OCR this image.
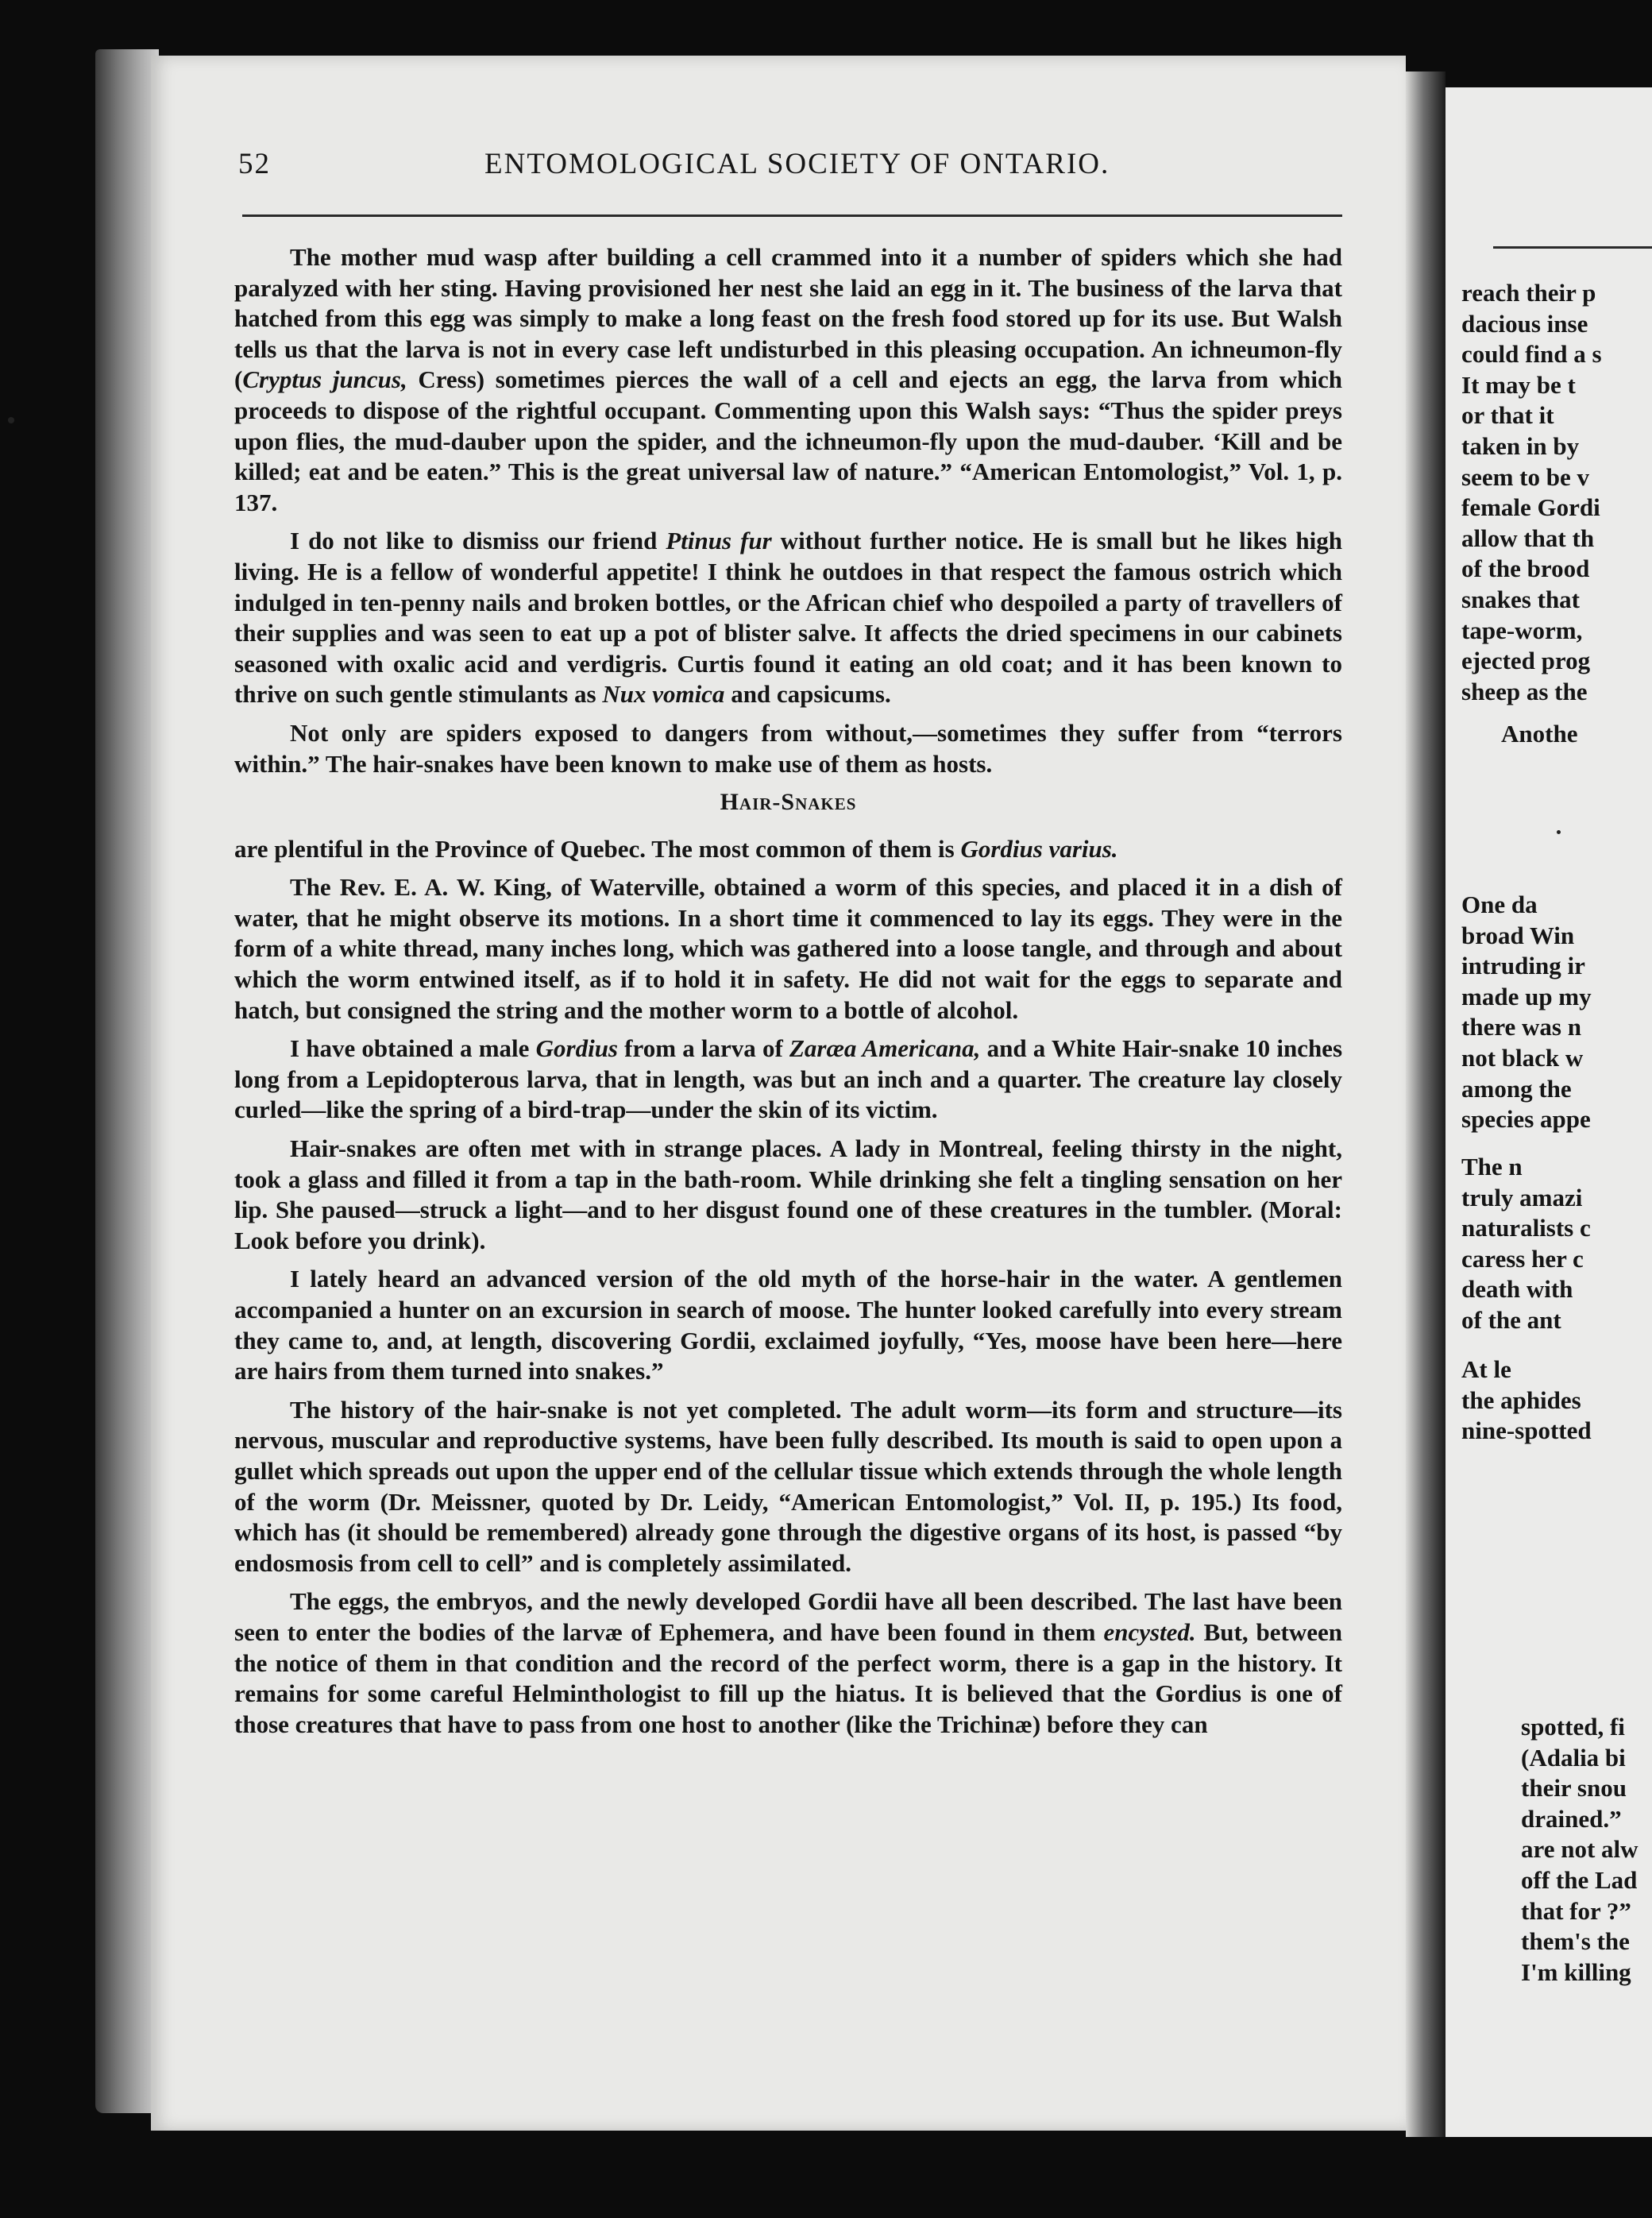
52	ENTOMOLOGICAL SOCIETY OF ONTARIO.

The mother mud wasp after building a cell crammed into it a number of spiders which she had paralyzed with her sting. Having provisioned her nest she laid an egg in it. The business of the larva that hatched from this egg was simply to make a long feast on the fresh food stored up for its use. But Walsh tells us that the larva is not in every case left undisturbed in this pleasing occupation. An ichneumon-fly (Cryptus juncus, Cress) sometimes pierces the wall of a cell and ejects an egg, the larva from which proceeds to dispose of the rightful occupant. Commenting upon this Walsh says: “Thus the spider preys upon flies, the mud-dauber upon the spider, and the ichneumon-fly upon the mud-dauber. ‘Kill and be killed; eat and be eaten.” This is the great universal law of nature.” “American Entomologist,” Vol. 1, p. 137.

I do not like to dismiss our friend Ptinus fur without further notice. He is small but he likes high living. He is a fellow of wonderful appetite! I think he outdoes in that respect the famous ostrich which indulged in ten-penny nails and broken bottles, or the African chief who despoiled a party of travellers of their supplies and was seen to eat up a pot of blister salve. It affects the dried specimens in our cabinets seasoned with oxalic acid and verdigris. Curtis found it eating an old coat; and it has been known to thrive on such gentle stimulants as Nux vomica and capsicums.

Not only are spiders exposed to dangers from without,—sometimes they suffer from “terrors within.” The hair-snakes have been known to make use of them as hosts.

Hair-Snakes

are plentiful in the Province of Quebec. The most common of them is Gordius varius.

The Rev. E. A. W. King, of Waterville, obtained a worm of this species, and placed it in a dish of water, that he might observe its motions. In a short time it commenced to lay its eggs. They were in the form of a white thread, many inches long, which was gathered into a loose tangle, and through and about which the worm entwined itself, as if to hold it in safety. He did not wait for the eggs to separate and hatch, but consigned the string and the mother worm to a bottle of alcohol.

I have obtained a male Gordius from a larva of Zaræa Americana, and a White Hair-snake 10 inches long from a Lepidopterous larva, that in length, was but an inch and a quarter. The creature lay closely curled—like the spring of a bird-trap—under the skin of its victim.

Hair-snakes are often met with in strange places. A lady in Montreal, feeling thirsty in the night, took a glass and filled it from a tap in the bath-room. While drinking she felt a tingling sensation on her lip. She paused—struck a light—and to her disgust found one of these creatures in the tumbler. (Moral: Look before you drink).

I lately heard an advanced version of the old myth of the horse-hair in the water. A gentlemen accompanied a hunter on an excursion in search of moose. The hunter looked carefully into every stream they came to, and, at length, discovering Gordii, exclaimed joyfully, “Yes, moose have been here—here are hairs from them turned into snakes.”

The history of the hair-snake is not yet completed. The adult worm—its form and structure—its nervous, muscular and reproductive systems, have been fully described. Its mouth is said to open upon a gullet which spreads out upon the upper end of the cellular tissue which extends through the whole length of the worm (Dr. Meissner, quoted by Dr. Leidy, “American Entomologist,” Vol. II, p. 195.) Its food, which has (it should be remembered) already gone through the digestive organs of its host, is passed “by endosmosis from cell to cell” and is completely assimilated.

The eggs, the embryos, and the newly developed Gordii have all been described. The last have been seen to enter the bodies of the larvæ of Ephemera, and have been found in them encysted. But, between the notice of them in that condition and the record of the perfect worm, there is a gap in the history. It remains for some careful Helminthologist to fill up the hiatus. It is believed that the Gordius is one of those creatures that have to pass from one host to another (like the Trichinæ) before they can

reach their p
dacious inse
could find a s
It may be t
or that it
taken in by
seem to be v
female Gordi
allow that th
of the brood
snakes that
tape-worm,
ejected prog
sheep as the
Anothe
One da
broad Win
intruding ir
made up my
there was n
not black w
among the
species appe
The n
truly amazi
naturalists c
caress her c
death with
of the ant
At le
the aphides
nine-spotted
spotted, fi
(Adalia bi
their snou
drained.”
are not alw
off the Lad
that for ?”
them's the
I'm killing
